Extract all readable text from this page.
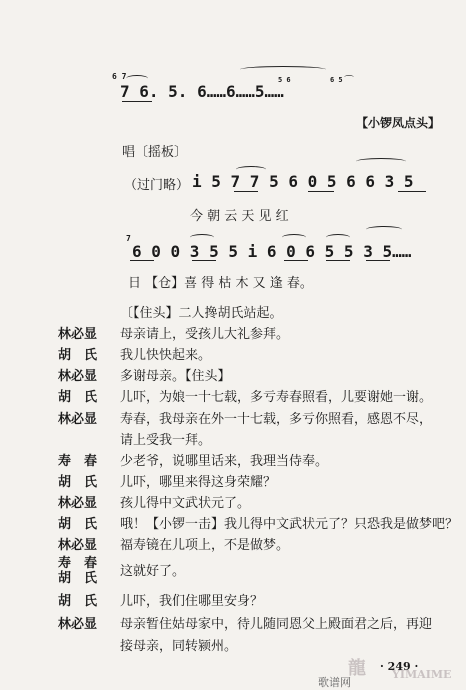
7 6. 5. 6……6……5……
6 7	5 6	6 5 ⌒
【小锣凤点头】
唱〔摇板〕
（过门略） i 5 7 7 5 6 0 5 6 6 3 5
今 朝 云 天 见 红
7
6 0 0 3 5 5 i 6 0 6 5 5 3 5……
日 【仓】喜 得 枯 木 又 逢 春。
〔【住头】二人搀胡氏站起。
林必显 母亲请上，受孩儿大礼参拜。
胡　氏 我儿快快起来。
林必显 多谢母亲。【住头】
胡　氏 儿吓，为娘一十七载，多亏寿春照看，儿要谢她一谢。
林必显 寿春，我母亲在外一十七载，多亏你照看，感恩不尽，
请上受我一拜。
寿　春 少老爷，说哪里话来，我理当侍奉。
胡　氏 儿吓，哪里来得这身荣耀？
林必显 孩儿得中文武状元了。
胡　氏 哦！【小锣一击】我儿得中文武状元了？只恐我是做梦吧？
林必显 福寿镜在儿项上，不是做梦。
寿　春
胡　氏 这就好了。
胡　氏 儿吓，我们住哪里安身？
林必显 母亲暂住姑母家中，待儿随同恩父上殿面君之后，再迎
接母亲，同转颍州。
龍 · 249 ·
YIMAIME
歌谱网
